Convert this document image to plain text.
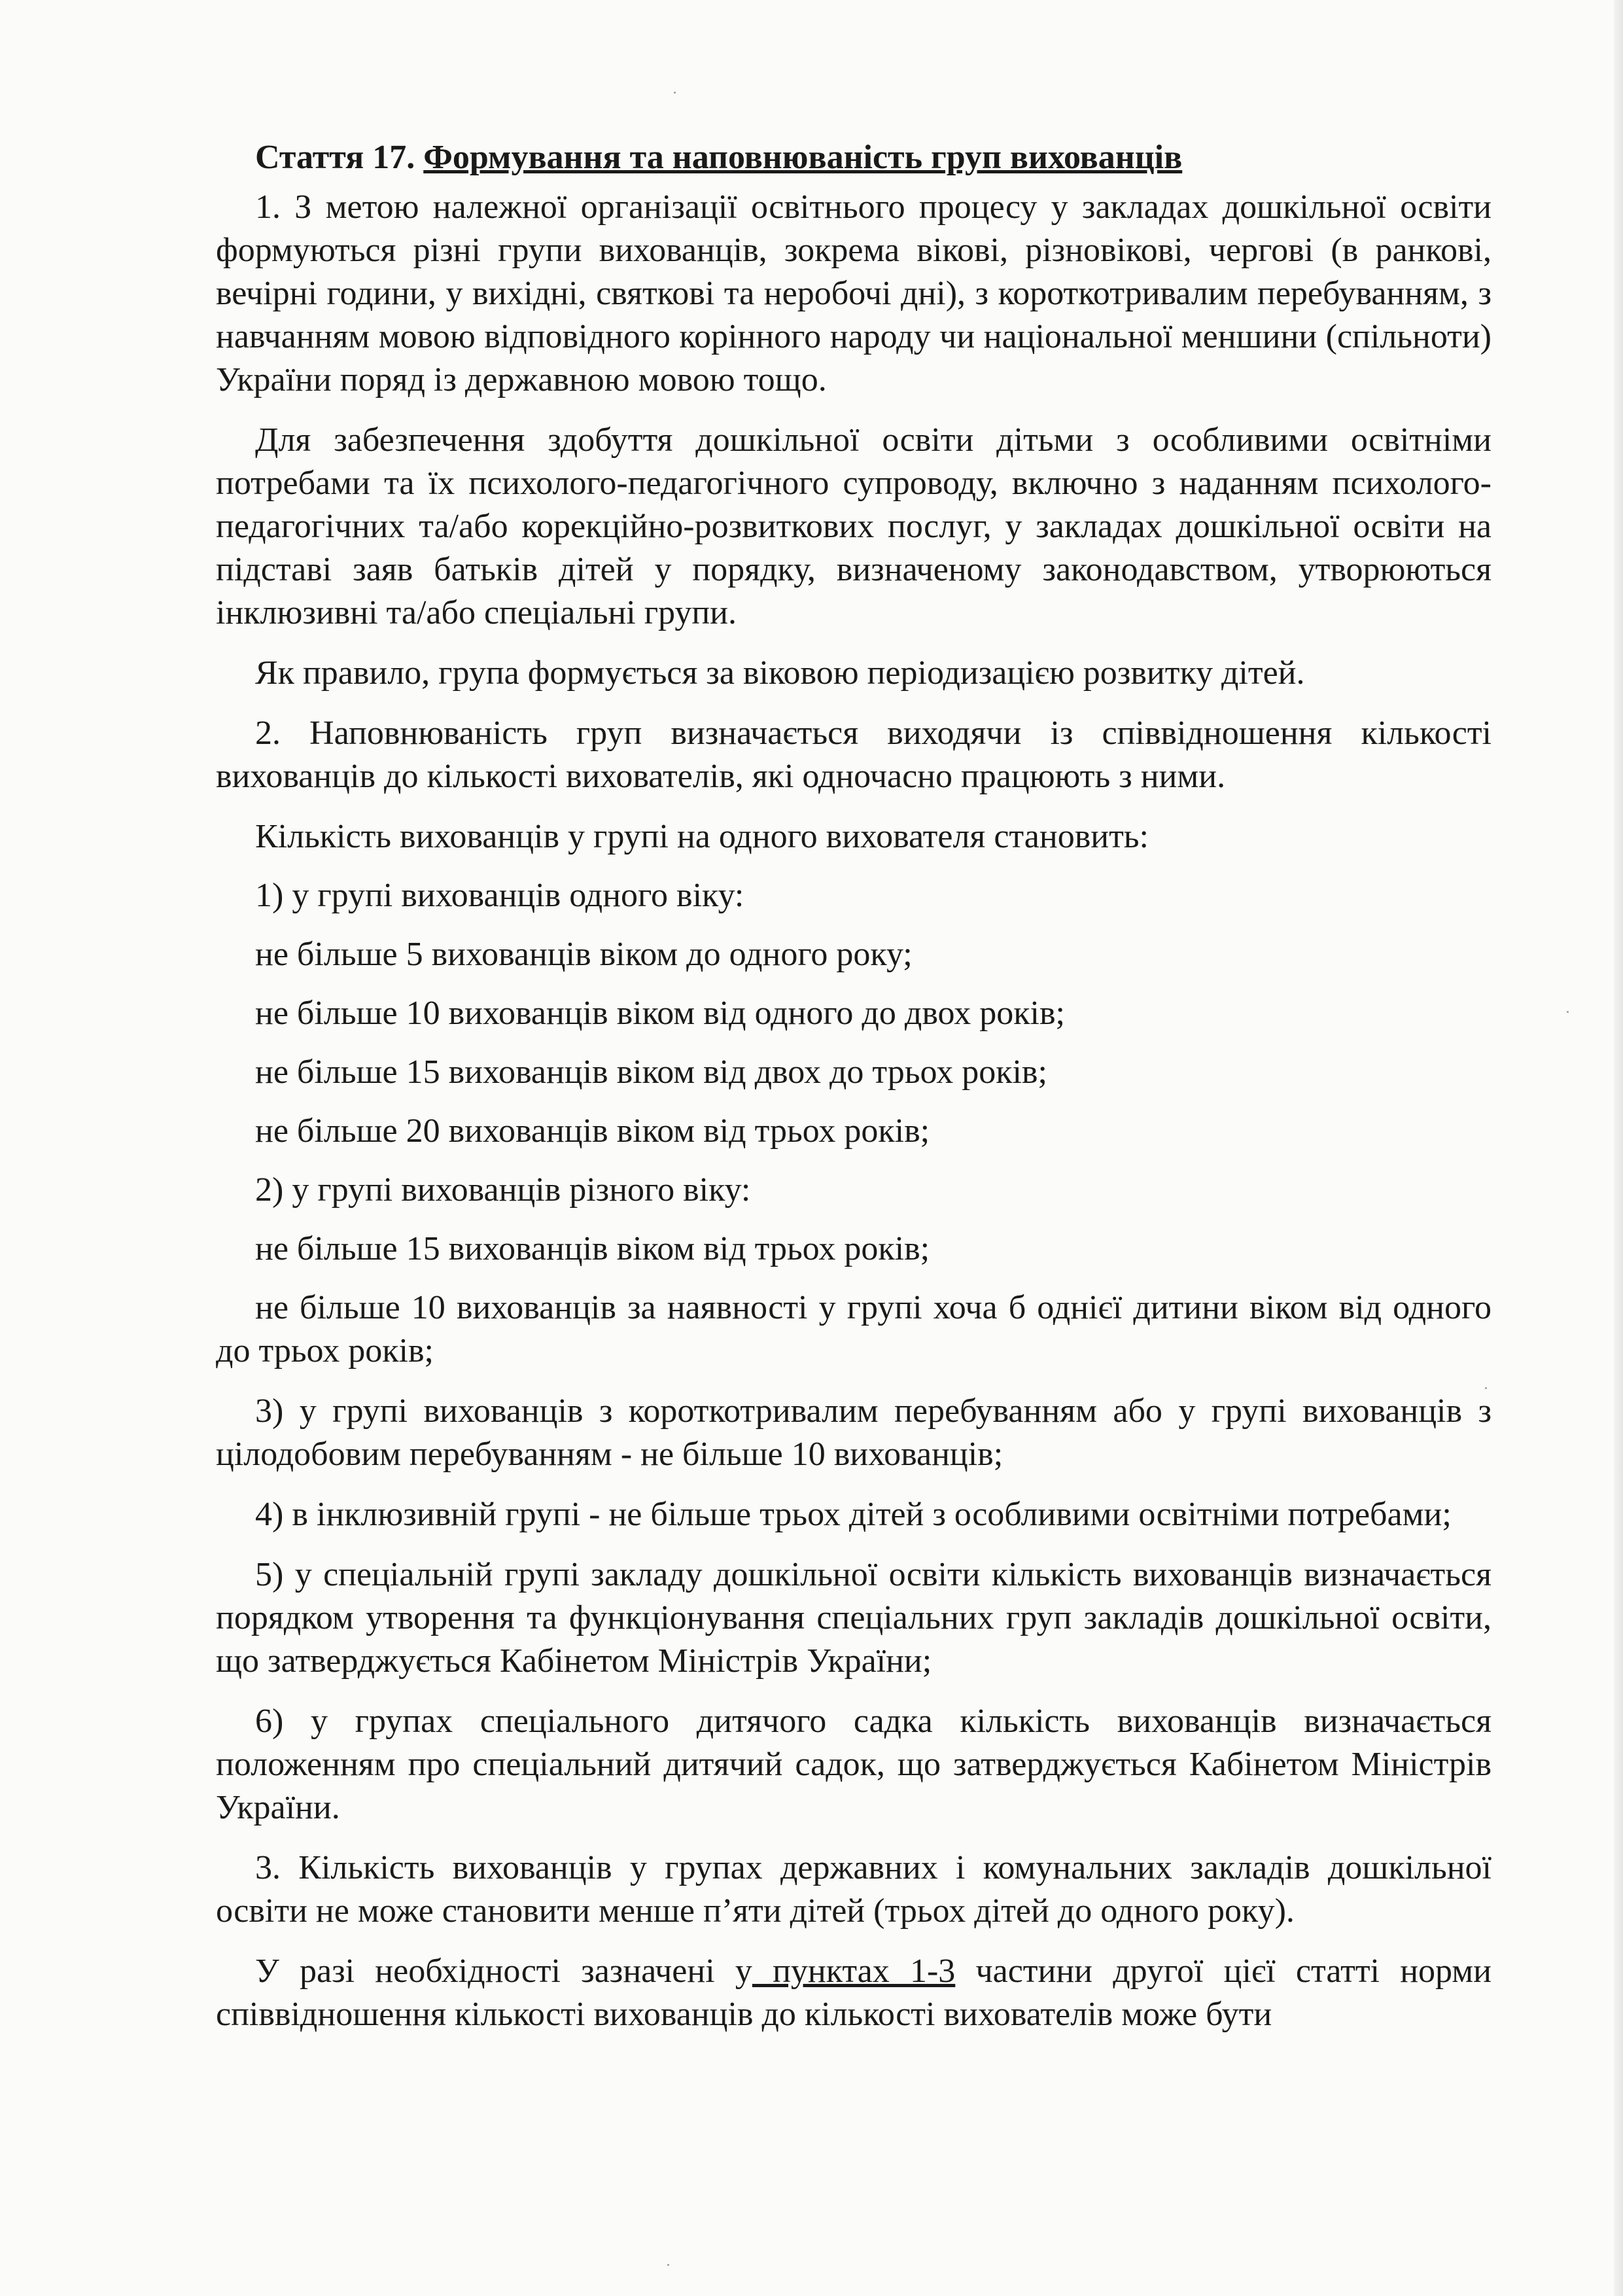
Стаття 17. Формування та наповнюваність груп вихованців

1. З метою належної організації освітнього процесу у закладах дошкільної освіти формуються різні групи вихованців, зокрема вікові, різновікові, чергові (в ранкові, вечірні години, у вихідні, святкові та неробочі дні), з короткотривалим перебуванням, з навчанням мовою відповідного корінного народу чи національної меншини (спільноти) України поряд із державною мовою тощо.

Для забезпечення здобуття дошкільної освіти дітьми з особливими освітніми потребами та їх психолого-педагогічного супроводу, включно з наданням психолого-педагогічних та/або корекційно-розвиткових послуг, у закладах дошкільної освіти на підставі заяв батьків дітей у порядку, визначеному законодавством, утворюються інклюзивні та/або спеціальні групи.

Як правило, група формується за віковою періодизацією розвитку дітей.

2. Наповнюваність груп визначається виходячи із співвідношення кількості вихованців до кількості вихователів, які одночасно працюють з ними.

Кількість вихованців у групі на одного вихователя становить:

1) у групі вихованців одного віку:

не більше 5 вихованців віком до одного року;

не більше 10 вихованців віком від одного до двох років;

не більше 15 вихованців віком від двох до трьох років;

не більше 20 вихованців віком від трьох років;

2) у групі вихованців різного віку:

не більше 15 вихованців віком від трьох років;

не більше 10 вихованців за наявності у групі хоча б однієї дитини віком від одного до трьох років;

3) у групі вихованців з короткотривалим перебуванням або у групі вихованців з цілодобовим перебуванням - не більше 10 вихованців;

4) в інклюзивній групі - не більше трьох дітей з особливими освітніми потребами;

5) у спеціальній групі закладу дошкільної освіти кількість вихованців визначається порядком утворення та функціонування спеціальних груп закладів дошкільної освіти, що затверджується Кабінетом Міністрів України;

6) у групах спеціального дитячого садка кількість вихованців визначається положенням про спеціальний дитячий садок, що затверджується Кабінетом Міністрів України.

3. Кількість вихованців у групах державних і комунальних закладів дошкільної освіти не може становити менше п’яти дітей (трьох дітей до одного року).

У разі необхідності зазначені у пунктах 1-3 частини другої цієї статті норми співвідношення кількості вихованців до кількості вихователів може бути
